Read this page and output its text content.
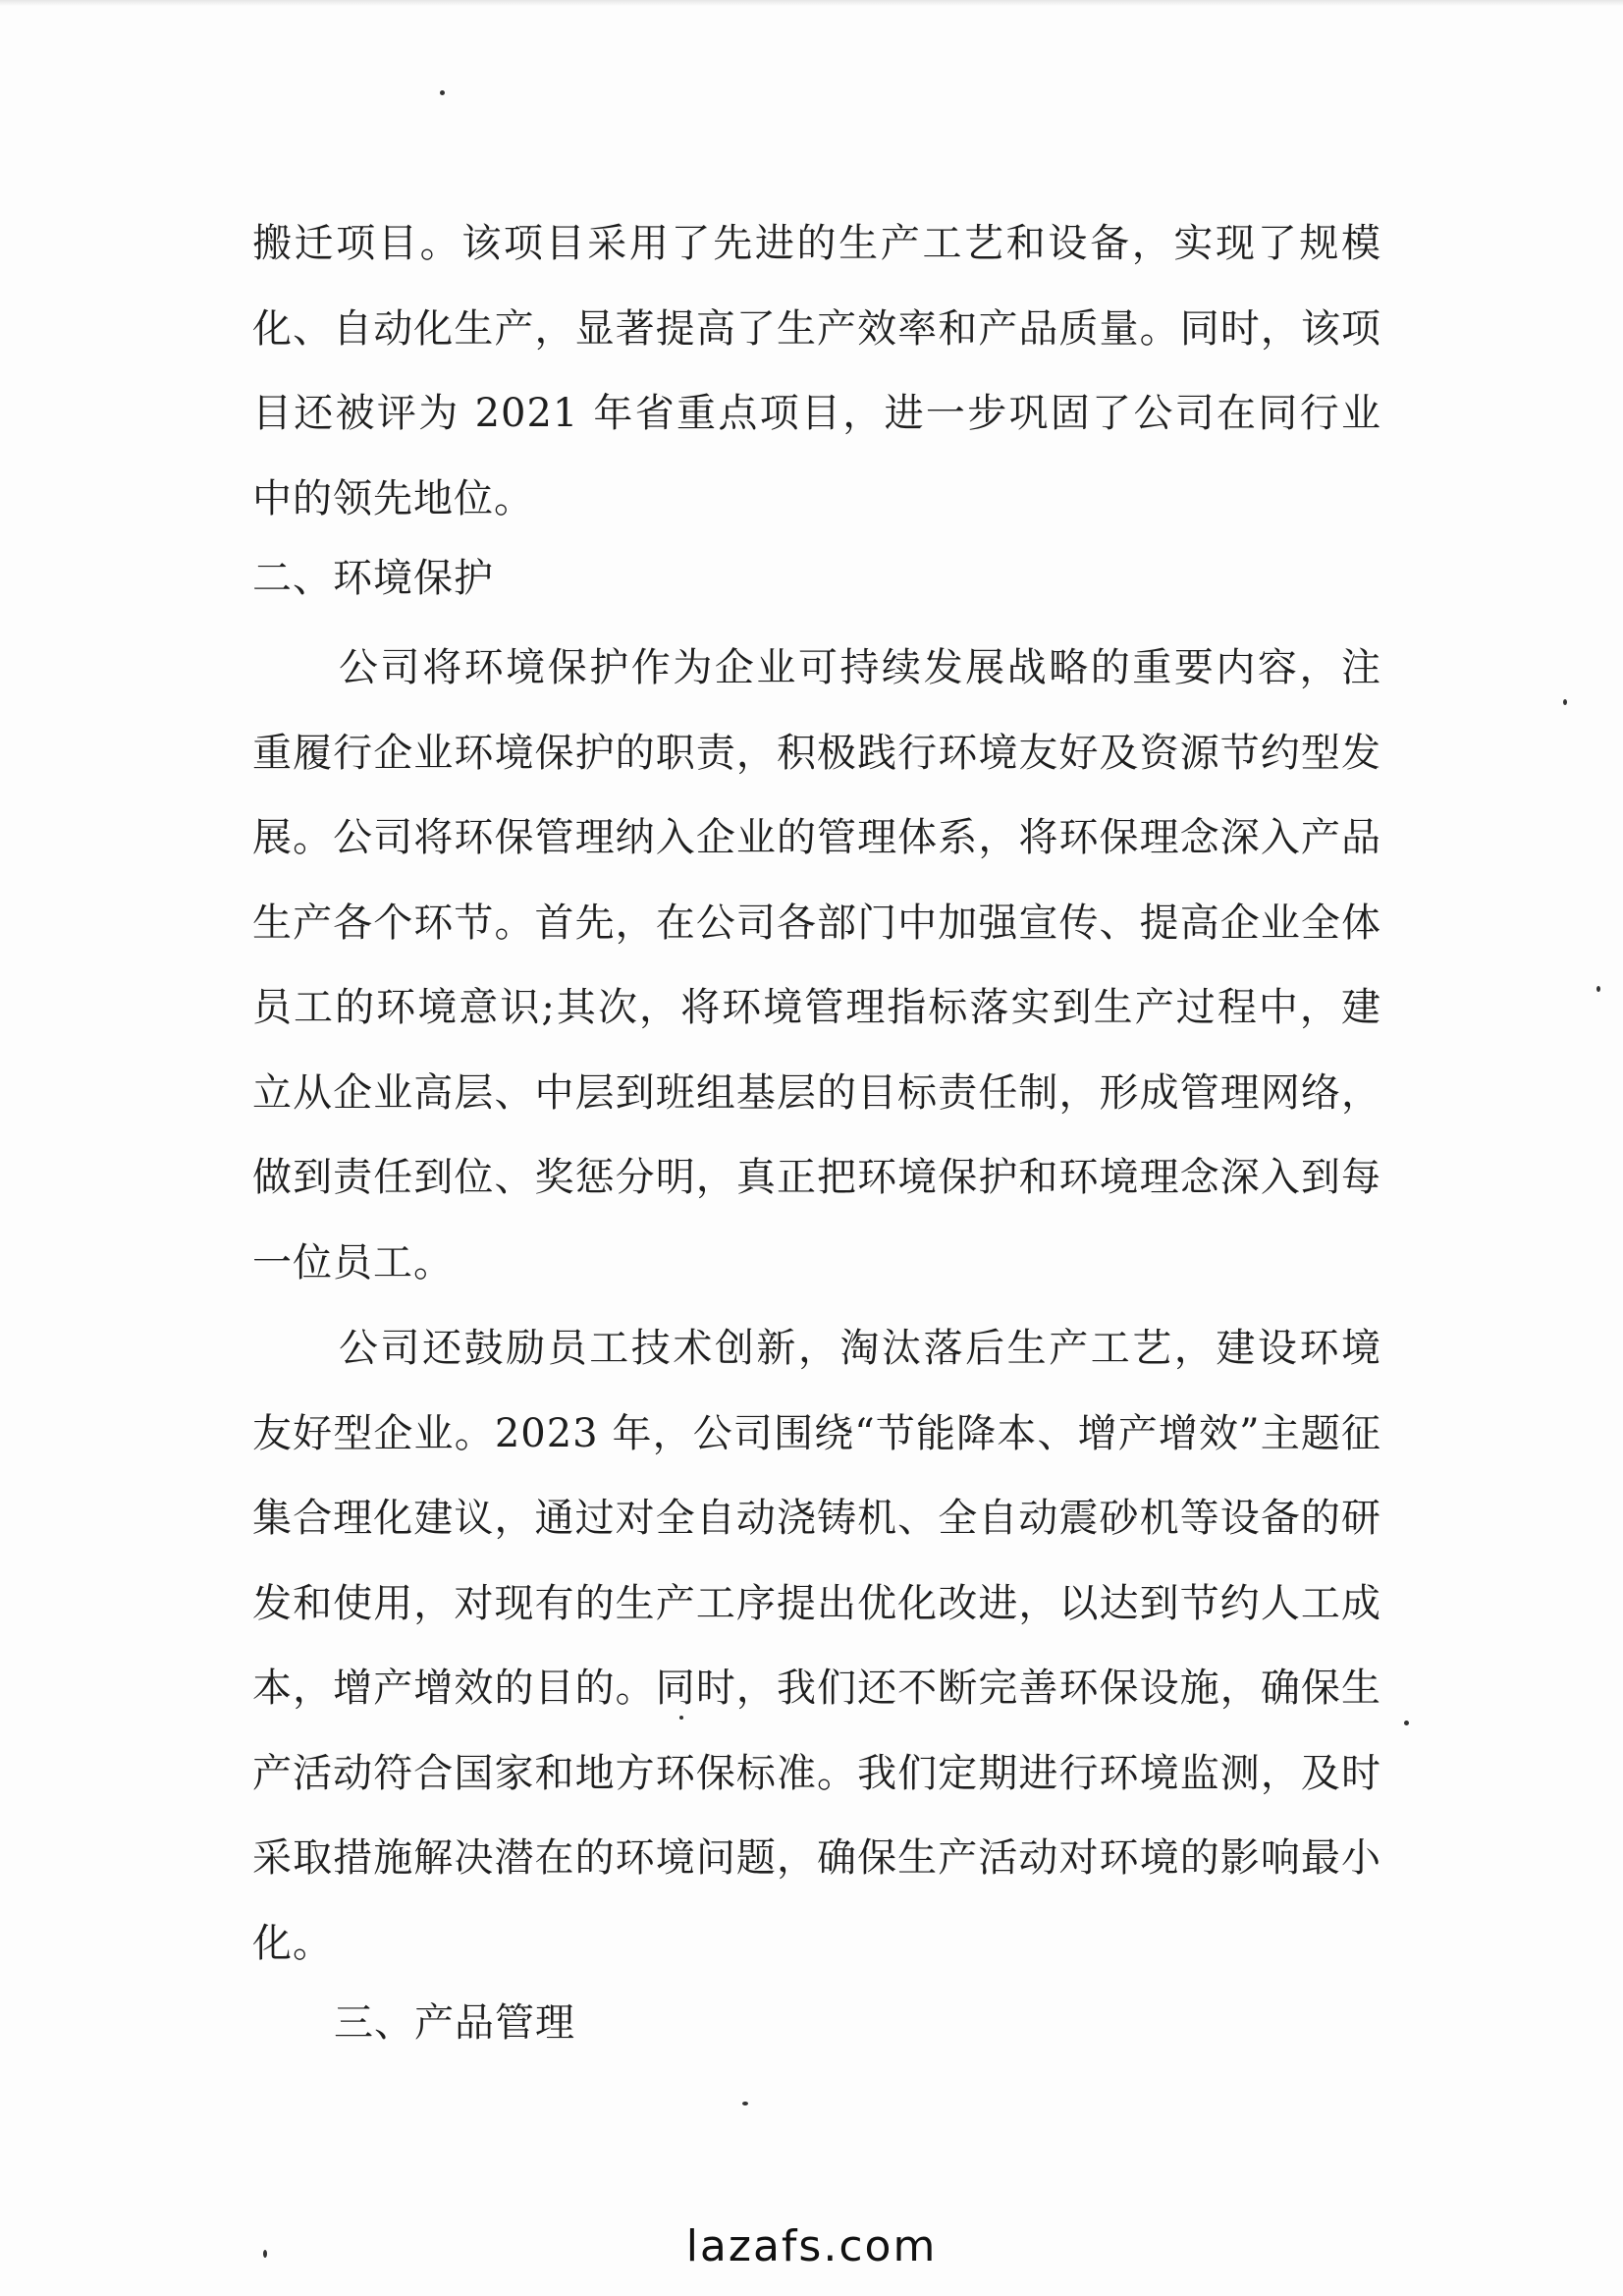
搬迁项目。该项目采用了先进的生产工艺和设备，实现了规模化、自动化生产，显著提高了生产效率和产品质量。同时，该项目还被评为 2021 年省重点项目，进一步巩固了公司在同行业中的领先地位。

二、环境保护

公司将环境保护作为企业可持续发展战略的重要内容，注重履行企业环境保护的职责，积极践行环境友好及资源节约型发展。公司将环保管理纳入企业的管理体系，将环保理念深入产品生产各个环节。首先，在公司各部门中加强宣传、提高企业全体员工的环境意识;其次，将环境管理指标落实到生产过程中，建立从企业高层、中层到班组基层的目标责任制，形成管理网络，做到责任到位、奖惩分明，真正把环境保护和环境理念深入到每一位员工。

公司还鼓励员工技术创新，淘汰落后生产工艺，建设环境友好型企业。2023 年，公司围绕“节能降本、增产增效”主题征集合理化建议，通过对全自动浇铸机、全自动震砂机等设备的研发和使用，对现有的生产工序提出优化改进，以达到节约人工成本，增产增效的目的。同时，我们还不断完善环保设施，确保生产活动符合国家和地方环保标准。我们定期进行环境监测，及时采取措施解决潜在的环境问题，确保生产活动对环境的影响最小化。

三、产品管理
lazafs.com
